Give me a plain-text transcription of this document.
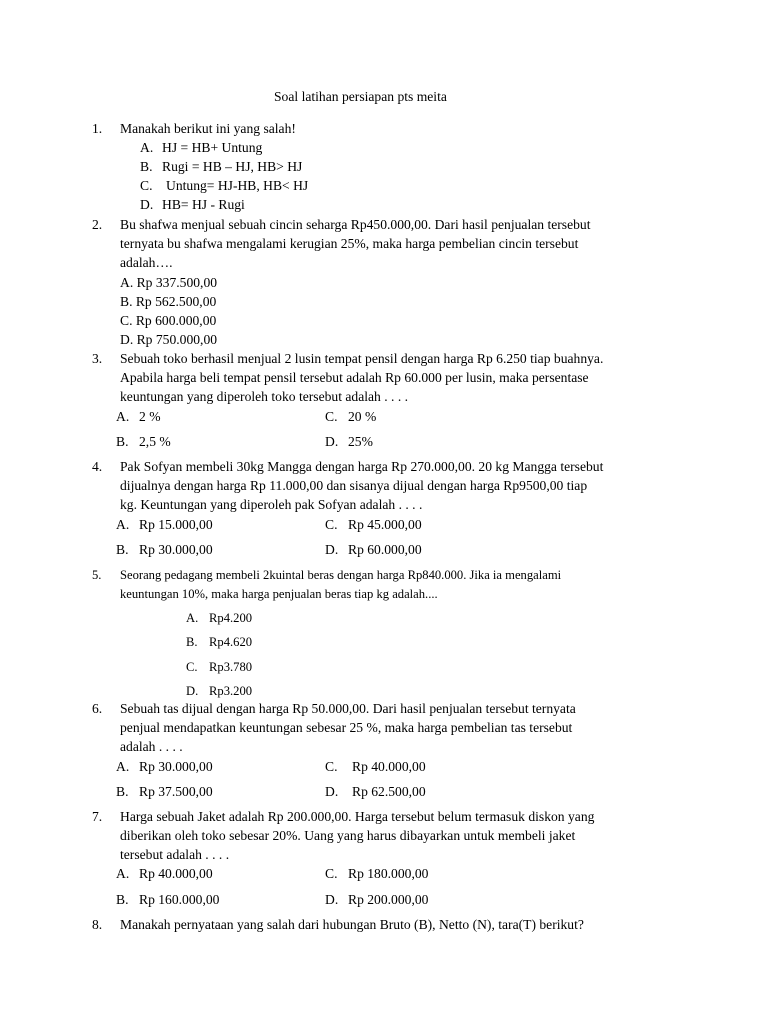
Soal latihan persiapan pts meita
1. Manakah berikut ini yang salah!
A. HJ = HB+ Untung
B. Rugi = HB – HJ, HB> HJ
C. Untung= HJ-HB, HB< HJ
D. HB= HJ - Rugi
2. Bu shafwa menjual sebuah cincin seharga Rp450.000,00. Dari hasil penjualan tersebut
ternyata bu shafwa mengalami kerugian 25%, maka harga pembelian cincin tersebut
adalah….
A. Rp 337.500,00
B. Rp 562.500,00
C. Rp 600.000,00
D. Rp 750.000,00
3. Sebuah toko berhasil menjual 2 lusin tempat pensil dengan harga Rp 6.250 tiap buahnya.
Apabila harga beli tempat pensil tersebut adalah Rp 60.000 per lusin, maka persentase
keuntungan yang diperoleh toko tersebut adalah . . . .
A. 2 %	C. 20 %
B. 2,5 %	D. 25%
4. Pak Sofyan membeli 30kg Mangga dengan harga Rp 270.000,00. 20 kg Mangga tersebut
dijualnya dengan harga Rp 11.000,00 dan sisanya dijual dengan harga Rp9500,00 tiap
kg. Keuntungan yang diperoleh pak Sofyan adalah . . . .
A. Rp 15.000,00	C. Rp 45.000,00
B. Rp 30.000,00	D. Rp 60.000,00
5. Seorang pedagang membeli 2kuintal beras dengan harga Rp840.000. Jika ia mengalami
keuntungan 10%, maka harga penjualan beras tiap kg adalah....
A. Rp4.200
B. Rp4.620
C. Rp3.780
D. Rp3.200
6. Sebuah tas dijual dengan harga Rp 50.000,00. Dari hasil penjualan tersebut ternyata
penjual mendapatkan keuntungan sebesar 25 %, maka harga pembelian tas tersebut
adalah . . . .
A. Rp 30.000,00	C. Rp 40.000,00
B. Rp 37.500,00	D. Rp 62.500,00
7. Harga sebuah Jaket adalah Rp 200.000,00. Harga tersebut belum termasuk diskon yang
diberikan oleh toko sebesar 20%. Uang yang harus dibayarkan untuk membeli jaket
tersebut adalah . . . .
A. Rp 40.000,00	C. Rp 180.000,00
B. Rp 160.000,00	D. Rp 200.000,00
8. Manakah pernyataan yang salah dari hubungan Bruto (B), Netto (N), tara(T) berikut?
